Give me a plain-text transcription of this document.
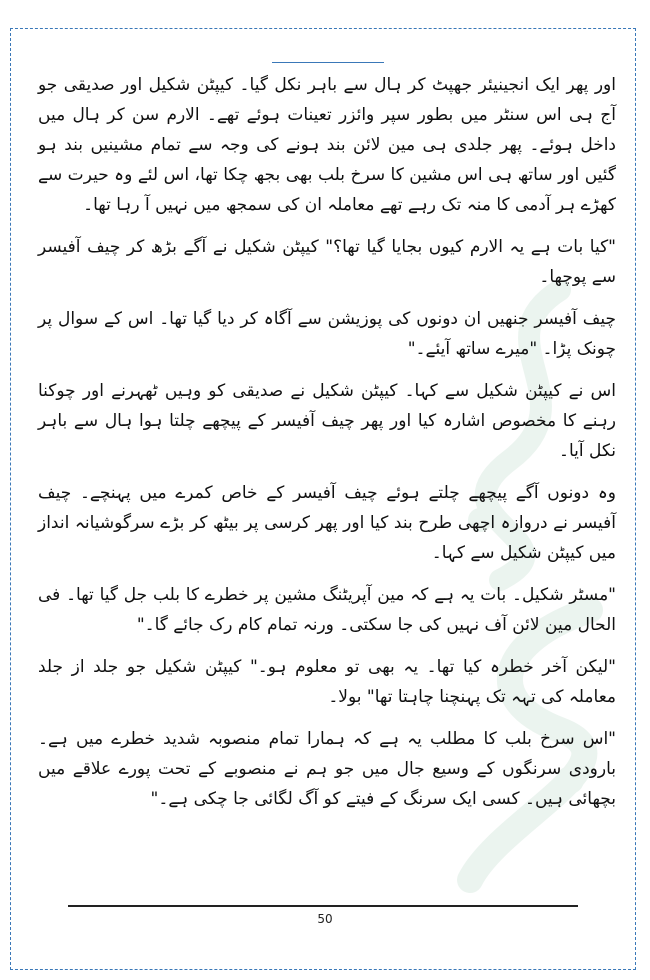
اور پھر ایک انجینیئر جھپٹ کر ہال سے باہر نکل گیا۔ کیپٹن شکیل اور صدیقی جو آج ہی اس سنٹر میں بطور سپر وائزر تعینات ہوئے تھے۔ الارم سن کر ہال میں داخل ہوئے۔ پھر جلدی ہی مین لائن بند ہونے کی وجہ سے تمام مشینیں بند ہو گئیں اور ساتھ ہی اس مشین کا سرخ بلب بھی بجھ چکا تھا، اس لئے وہ حیرت سے کھڑے ہر آدمی کا منہ تک رہے تھے معاملہ ان کی سمجھ میں نہیں آ رہا تھا۔

"کیا بات ہے یہ الارم کیوں بجایا گیا تھا؟" کیپٹن شکیل نے آگے بڑھ کر چیف آفیسر سے پوچھا۔

چیف آفیسر جنھیں ان دونوں کی پوزیشن سے آگاہ کر دیا گیا تھا۔ اس کے سوال پر چونک پڑا۔ "میرے ساتھ آیئے۔"

اس نے کیپٹن شکیل سے کہا۔ کیپٹن شکیل نے صدیقی کو وہیں ٹھہرنے اور چوکنا رہنے کا مخصوص اشارہ کیا اور پھر چیف آفیسر کے پیچھے چلتا ہوا ہال سے باہر نکل آیا۔

وہ دونوں آگے پیچھے چلتے ہوئے چیف آفیسر کے خاص کمرے میں پہنچے۔ چیف آفیسر نے دروازہ اچھی طرح بند کیا اور پھر کرسی پر بیٹھ کر بڑے سرگوشیانہ انداز میں کیپٹن شکیل سے کہا۔

"مسٹر شکیل۔ بات یہ ہے کہ مین آپریٹنگ مشین پر خطرے کا بلب جل گیا تھا۔ فی الحال مین لائن آف نہیں کی جا سکتی۔ ورنہ تمام کام رک جائے گا۔"

"لیکن آخر خطرہ کیا تھا۔ یہ بھی تو معلوم ہو۔" کیپٹن شکیل جو جلد از جلد معاملہ کی تہہ تک پہنچنا چاہتا تھا" بولا۔

"اس سرخ بلب کا مطلب یہ ہے کہ ہمارا تمام منصوبہ شدید خطرے میں ہے۔ بارودی سرنگوں کے وسیع جال میں جو ہم نے منصوبے کے تحت پورے علاقے میں بچھائی ہیں۔ کسی ایک سرنگ کے فیتے کو آگ لگائی جا چکی ہے۔"

50
